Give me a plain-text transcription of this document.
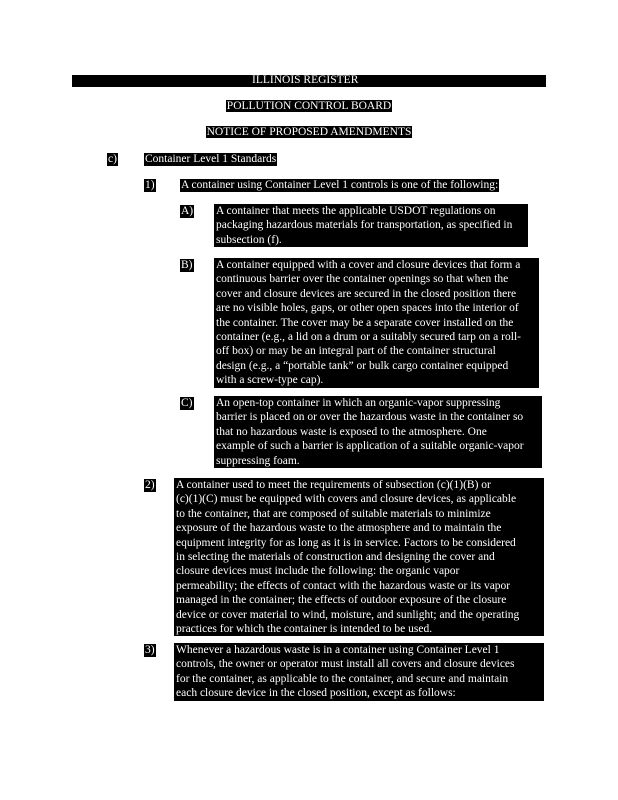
ILLINOIS REGISTER
POLLUTION CONTROL BOARD
NOTICE OF PROPOSED AMENDMENTS
c) Container Level 1 Standards
1) A container using Container Level 1 controls is one of the following:
A) A container that meets the applicable USDOT regulations on

packaging hazardous materials for transportation, as specified in

subsection (f).

B) A container equipped with a cover and closure devices that form a

continuous barrier over the container openings so that when the

cover and closure devices are secured in the closed position there

are no visible holes, gaps, or other open spaces into the interior of

the container. The cover may be a separate cover installed on the

container (e.g., a lid on a drum or a suitably secured tarp on a roll-

off box) or may be an integral part of the container structural

design (e.g., a “portable tank” or bulk cargo container equipped

with a screw-type cap).

C) An open-top container in which an organic-vapor suppressing

barrier is placed on or over the hazardous waste in the container so

that no hazardous waste is exposed to the atmosphere. One

example of such a barrier is application of a suitable organic-vapor

suppressing foam.

2) A container used to meet the requirements of subsection (c)(1)(B) or

(c)(1)(C) must be equipped with covers and closure devices, as applicable

to the container, that are composed of suitable materials to minimize

exposure of the hazardous waste to the atmosphere and to maintain the

equipment integrity for as long as it is in service. Factors to be considered

in selecting the materials of construction and designing the cover and

closure devices must include the following: the organic vapor

permeability; the effects of contact with the hazardous waste or its vapor

managed in the container; the effects of outdoor exposure of the closure

device or cover material to wind, moisture, and sunlight; and the operating

practices for which the container is intended to be used.

3) Whenever a hazardous waste is in a container using Container Level 1

controls, the owner or operator must install all covers and closure devices

for the container, as applicable to the container, and secure and maintain

each closure device in the closed position, except as follows:
